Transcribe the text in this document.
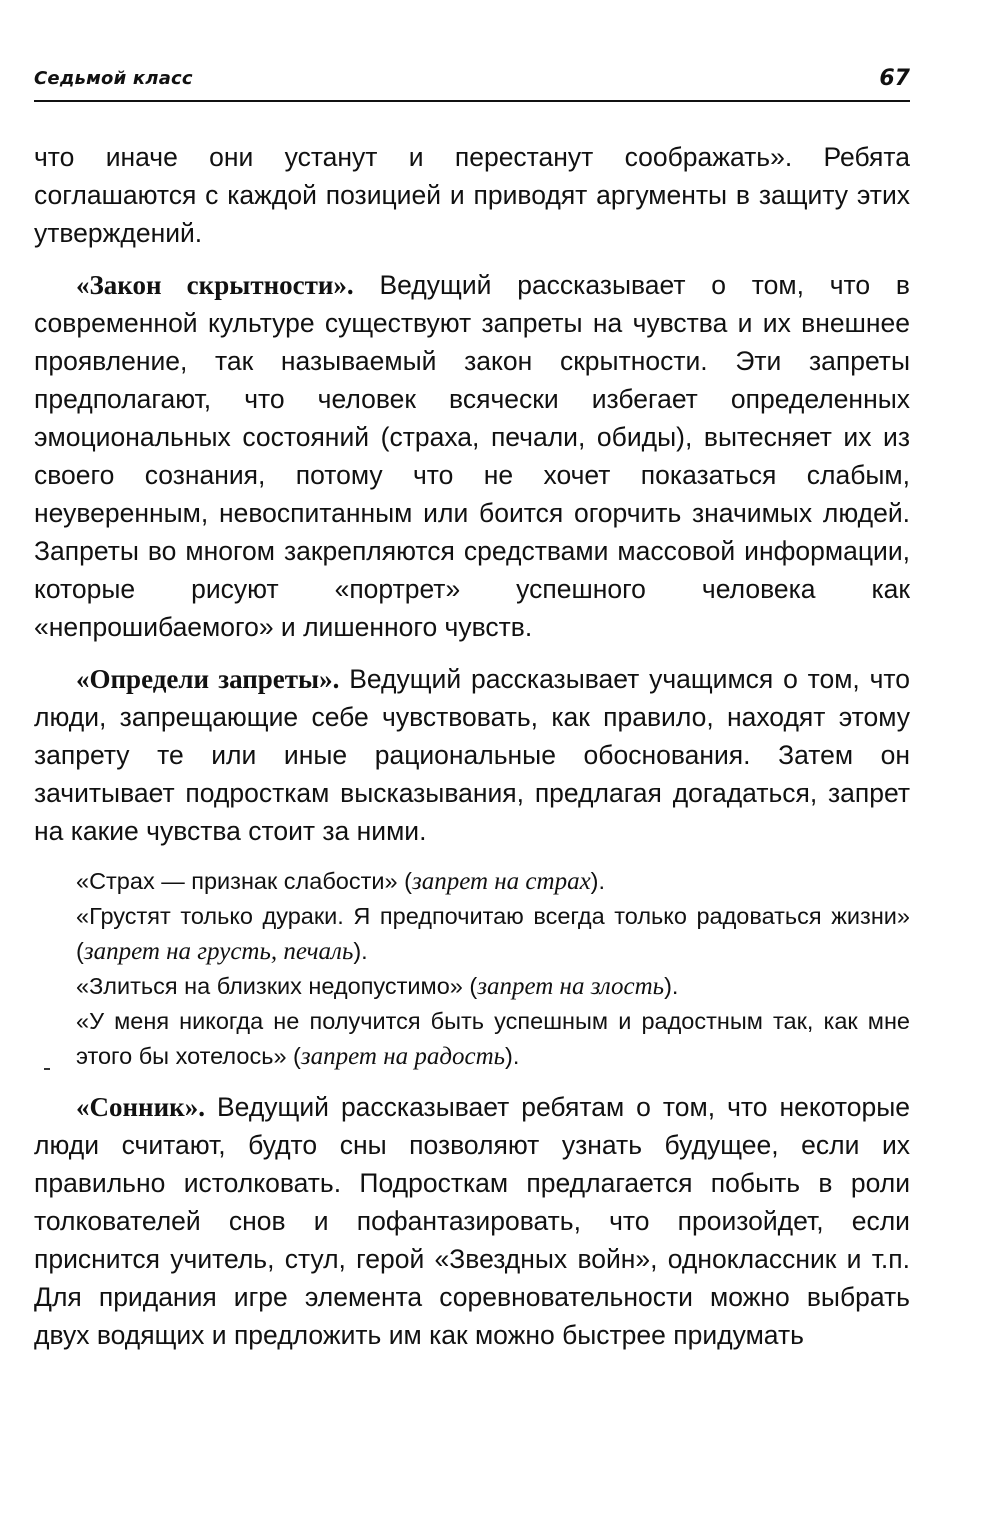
Седьмой класс	67

что иначе они устанут и перестанут соображать». Ребята соглашаются с каждой позицией и приводят аргументы в защиту этих утверждений.

«Закон скрытности». Ведущий рассказывает о том, что в современной культуре существуют запреты на чувства и их внешнее проявление, так называемый закон скрытности. Эти запреты предполагают, что человек всячески избегает определенных эмоциональных состояний (страха, печали, обиды), вытесняет их из своего сознания, потому что не хочет показаться слабым, неуверенным, невоспитанным или боится огорчить значимых людей. Запреты во многом закрепляются средствами массовой информации, которые рисуют «портрет» успешного человека как «непрошибаемого» и лишенного чувств.

«Определи запреты». Ведущий рассказывает учащимся о том, что люди, запрещающие себе чувствовать, как правило, находят этому запрету те или иные рациональные обоснования. Затем он зачитывает подросткам высказывания, предлагая догадаться, запрет на какие чувства стоит за ними.

«Страх — признак слабости» (запрет на страх).

«Грустят только дураки. Я предпочитаю всегда только радоваться жизни» (запрет на грусть, печаль).

«Злиться на близких недопустимо» (запрет на злость).

«У меня никогда не получится быть успешным и радостным так, как мне этого бы хотелось» (запрет на радость).

«Сонник». Ведущий рассказывает ребятам о том, что некоторые люди считают, будто сны позволяют узнать будущее, если их правильно истолковать. Подросткам предлагается побыть в роли толкователей снов и пофантазировать, что произойдет, если приснится учитель, стул, герой «Звездных войн», одноклассник и т.п. Для придания игре элемента соревновательности можно выбрать двух водящих и предложить им как можно быстрее придумать
